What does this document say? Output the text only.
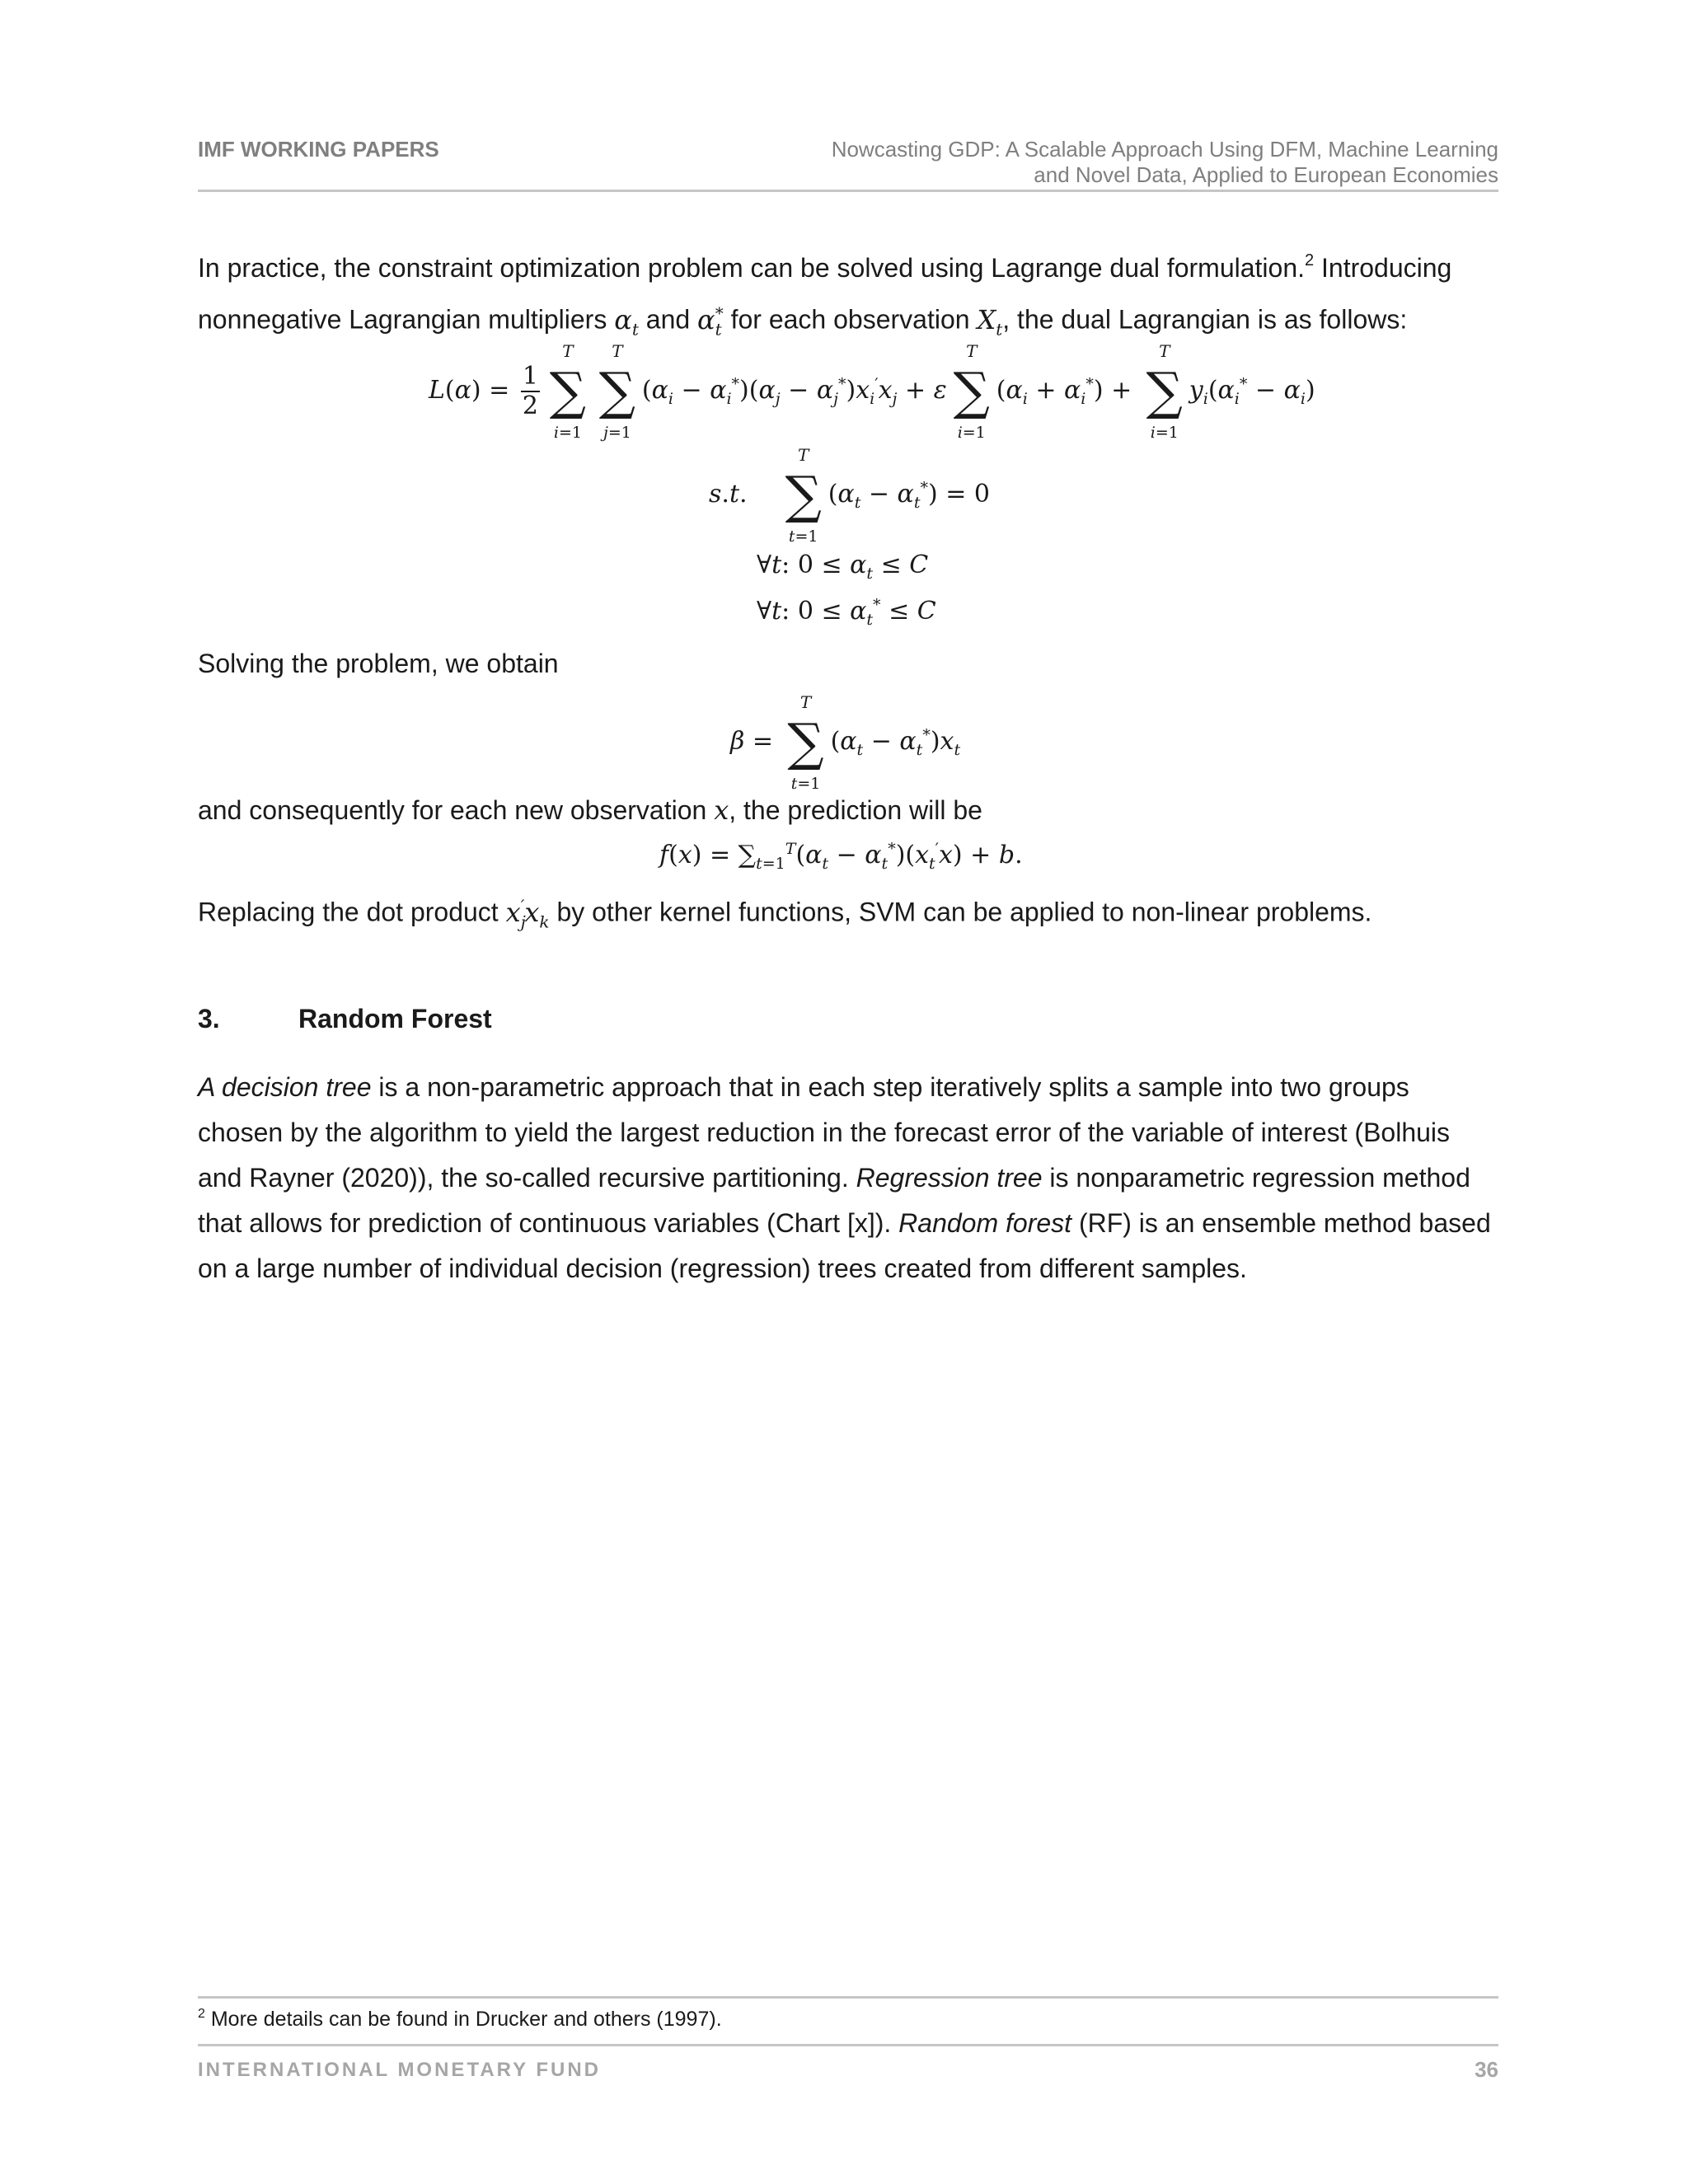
IMF WORKING PAPERS	Nowcasting GDP: A Scalable Approach Using DFM, Machine Learning
and Novel Data, Applied to European Economies
In practice, the constraint optimization problem can be solved using Lagrange dual formulation.$^2$ Introducing
nonnegative Lagrangian multipliers $\alpha_t$ and $\alpha_t^*$ for each observation $X_t$, the dual Lagrangian is as follows:
$L(\alpha) = \frac{1}{2}$
T
∑
i=1
T
∑
j=1
$(\alpha_i - \alpha_i^*)(\alpha_j - \alpha_j^*)x_i'x_j + \varepsilon$
T
∑
i=1
$(\alpha_i + \alpha_i^*)$ +
T
∑
i=1
$y_i(\alpha_i^* - \alpha_i)$
s.t.
T
∑
t=1
$(\alpha_t - \alpha_t^*) = 0$
∀t: $0 \le \alpha_t \le C$
∀t: $0 \le \alpha_t^* \le C$
Solving the problem, we obtain
β =
T
∑
t=1
$(\alpha_t - \alpha_t^*)x_t$
and consequently for each new observation x, the prediction will be
$f(x) = \sum_{t=1}^T(\alpha_t - \alpha_t^*)(x_t'x) + b$.
Replacing the dot product $x_j'x_k$ by other kernel functions, SVM can be applied to non-linear problems.
3.	Random Forest
A decision tree is a non-parametric approach that in each step iteratively splits a sample into two groups
chosen by the algorithm to yield the largest reduction in the forecast error of the variable of interest (Bolhuis
and Rayner (2020)), the so-called recursive partitioning. Regression tree is nonparametric regression method
that allows for prediction of continuous variables (Chart [x]). Random forest (RF) is an ensemble method based
on a large number of individual decision (regression) trees created from different samples.
$^2$ More details can be found in Drucker and others (1997).
INTERNATIONAL MONETARY FUND	36
